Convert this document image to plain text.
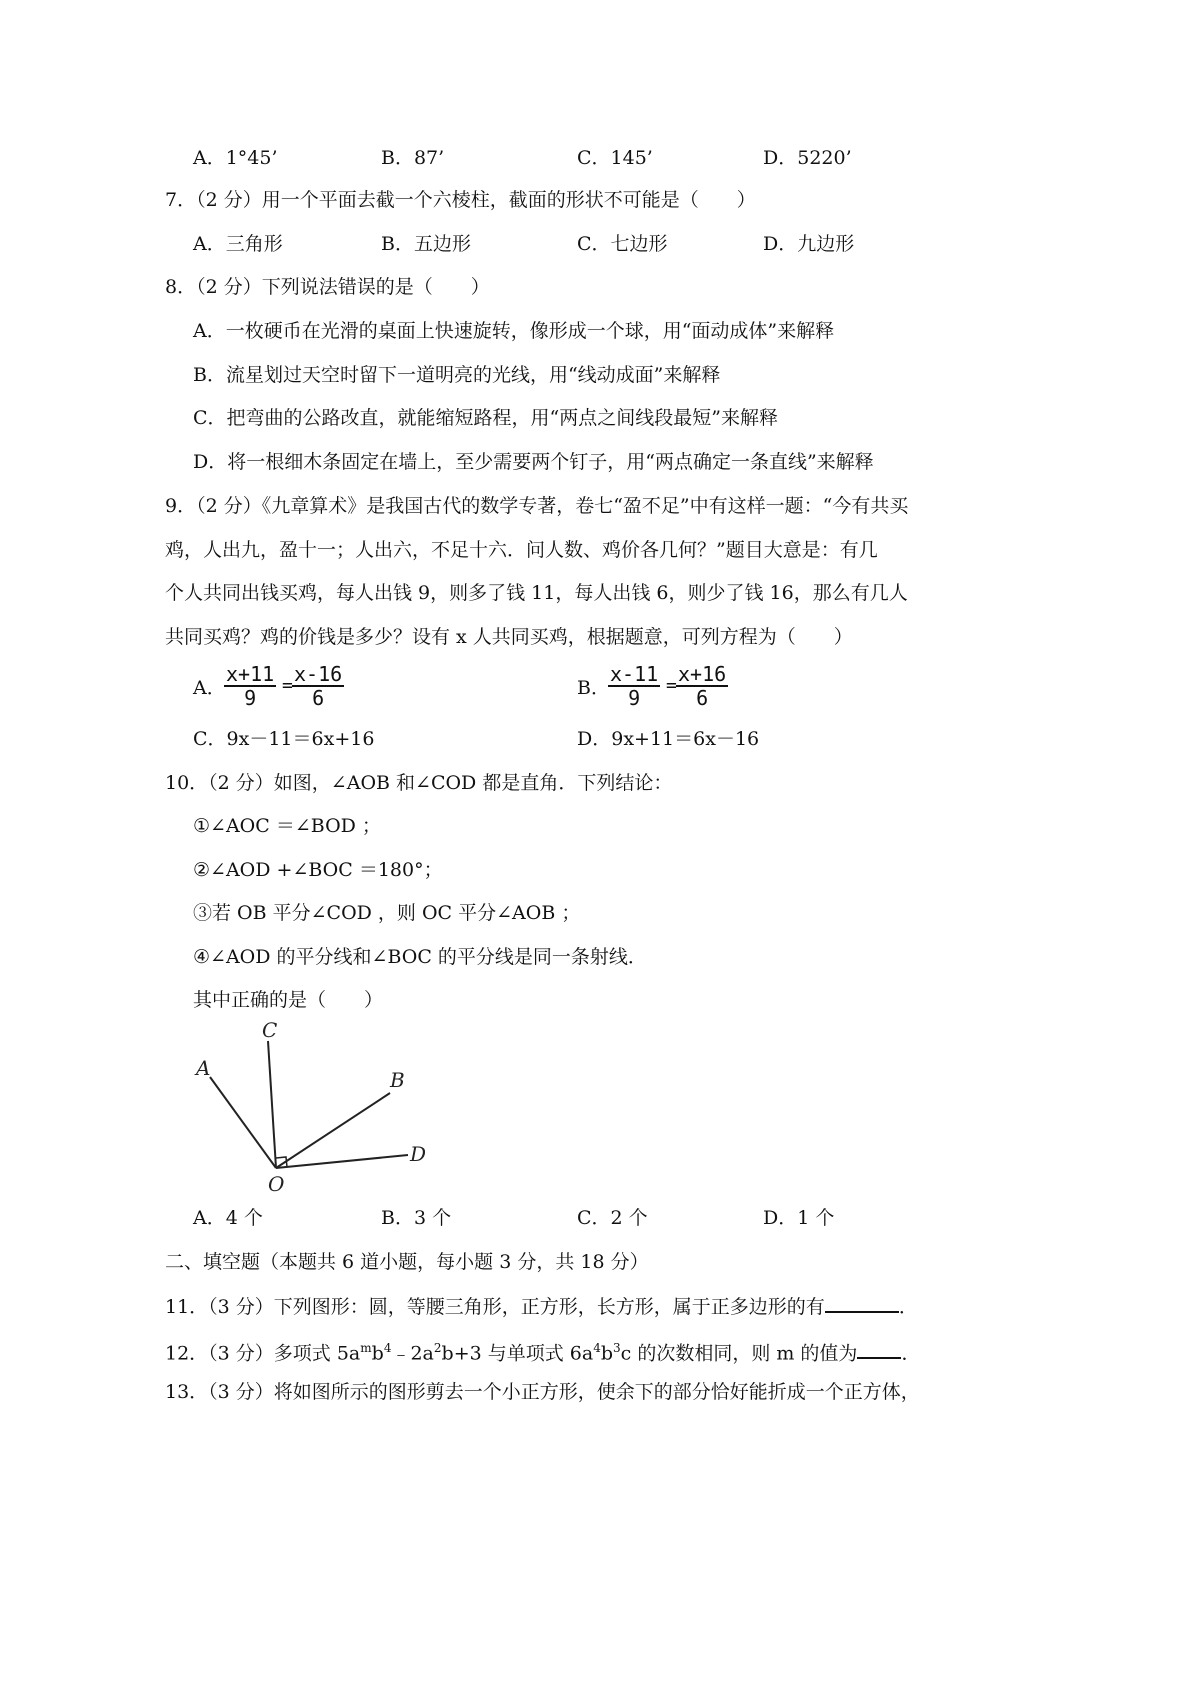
A．1°45’	B．87’	C．145’	D．5220’
7．（2 分）用一个平面去截一个六棱柱，截面的形状不可能是（　　）
A．三角形	B．五边形	C．七边形	D．九边形
8．（2 分）下列说法错误的是（　　）
A．一枚硬币在光滑的桌面上快速旋转，像形成一个球，用“面动成体”来解释
B．流星划过天空时留下一道明亮的光线，用“线动成面”来解释
C．把弯曲的公路改直，就能缩短路程，用“两点之间线段最短”来解释
D．将一根细木条固定在墙上，至少需要两个钉子，用“两点确定一条直线”来解释
9．（2 分）《九章算术》是我国古代的数学专著，卷七“盈不足”中有这样一题：“今有共买
鸡，人出九，盈十一；人出六，不足十六．问人数、鸡价各几何？”题目大意是：有几
个人共同出钱买鸡，每人出钱 9，则多了钱 11，每人出钱 6，则少了钱 16，那么有几人
共同买鸡？鸡的价钱是多少？设有 x 人共同买鸡，根据题意，可列方程为（　　）
A．
$\frac{x+11}{9} = \frac{x-16}{6}$	B．
$\frac{x-11}{9} = \frac{x+16}{6}$
C．9x－11＝6x+16	D．9x+11＝6x－16
10．（2 分）如图，∠AOB 和∠COD 都是直角．下列结论：
①∠AOC ＝∠BOD ；
②∠AOD +∠BOC ＝180°；
③若 OB 平分∠COD ，则 OC 平分∠AOB ；
④∠AOD 的平分线和∠BOC 的平分线是同一条射线．
其中正确的是（　　）
A
C
B
D
O
A．4 个	B．3 个	C．2 个	D．1 个
二、填空题（本题共 6 道小题，每小题 3 分，共 18 分）
11．（3 分）下列图形：圆，等腰三角形，正方形，长方形，属于正多边形的有	．
12．（3 分）多项式 $5a^mb^4﹣2a^2b+3$ 与单项式 $6a^4b^3c$ 的次数相同，则 m 的值为 ．
13．（3 分）将如图所示的图形剪去一个小正方形，使余下的部分恰好能折成一个正方体，
